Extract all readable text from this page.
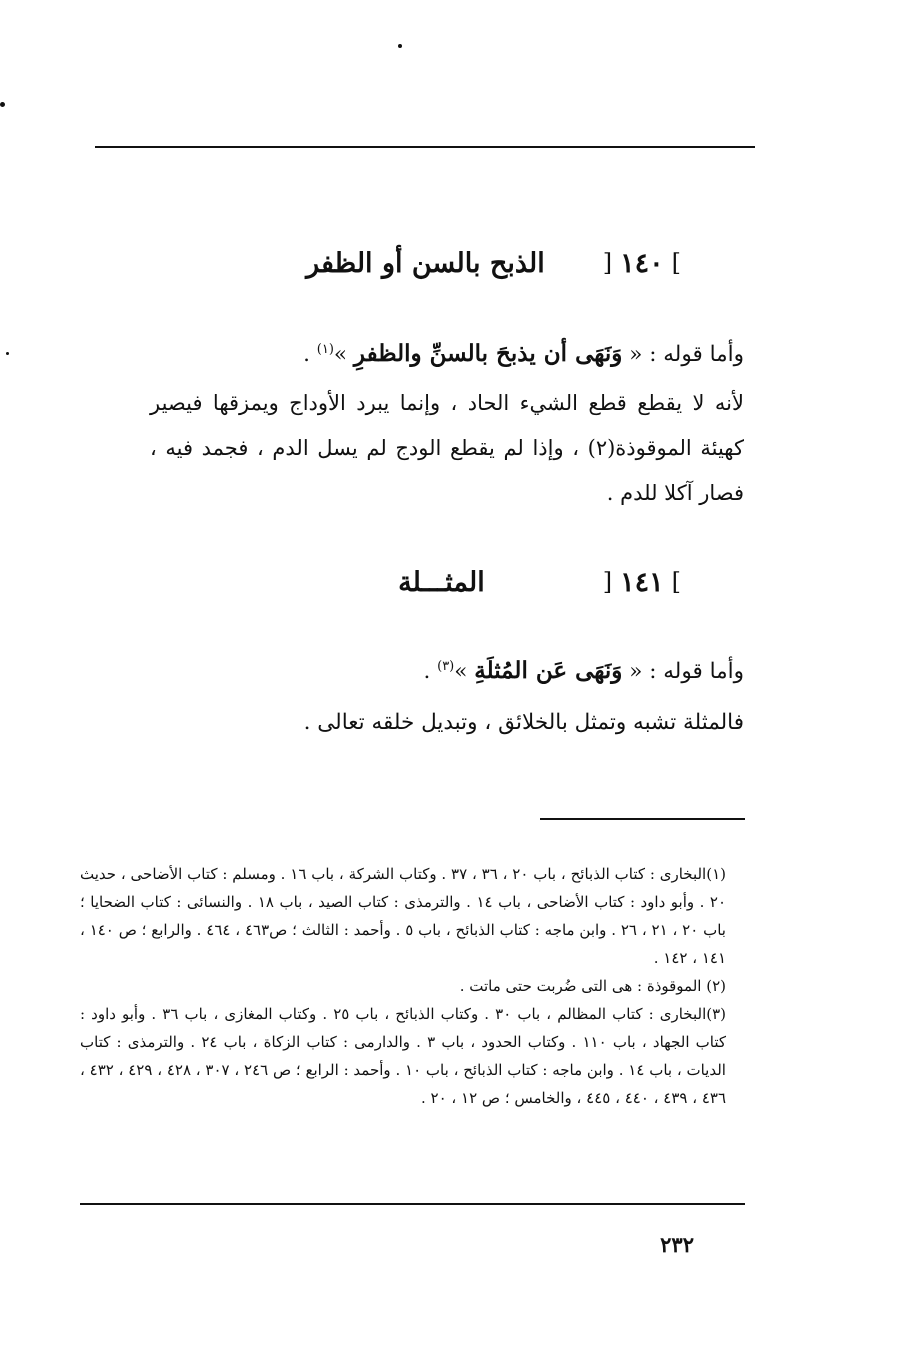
]
١٤٠
[
الذبح بالسن أو الظفر
وأما قوله : « وَنَهَى أن يذبحَ بالسنِّ والظفرِ »$^{(١)}$ .
لأنه لا يقطع قطع الشيء الحاد ، وإنما يبرد الأوداج ويمزقها فيصير كهيئة الموقوذة(٢) ، وإذا لم يقطع الودج لم يسل الدم ، فجمد فيه ، فصار آكلا للدم .
]
١٤١
[
المثـــلة
وأما قوله : « وَنَهَى عَن المُثلَةِ »$^{(٣)}$ .
فالمثلة تشبه وتمثل بالخلائق ، وتبديل خلقه تعالى .

(١)البخارى : كتاب الذبائح ، باب ٢٠ ، ٣٦ ، ٣٧ . وكتاب الشركة ، باب ١٦ . ومسلم : كتاب الأضاحى ، حديث ٢٠ . وأبو داود : كتاب الأضاحى ، باب ١٤ . والترمذى : كتاب الصيد ، باب ١٨ . والنسائى : كتاب الضحايا ؛ باب ٢٠ ، ٢١ ، ٢٦ . وابن ماجه : كتاب الذبائح ، باب ٥ . وأحمد : الثالث ؛ ص٤٦٣ ، ٤٦٤ . والرابع ؛ ص ١٤٠ ، ١٤١ ، ١٤٢ .

(٢) الموقوذة : هى التى ضُربت حتى ماتت .

(٣)البخارى : كتاب المظالم ، باب ٣٠ . وكتاب الذبائح ، باب ٢٥ . وكتاب المغازى ، باب ٣٦ . وأبو داود : كتاب الجهاد ، باب ١١٠ . وكتاب الحدود ، باب ٣ . والدارمى : كتاب الزكاة ، باب ٢٤ . والترمذى : كتاب الديات ، باب ١٤ . وابن ماجه : كتاب الذبائح ، باب ١٠ . وأحمد : الرابع ؛ ص ٢٤٦ ، ٣٠٧ ، ٤٢٨ ، ٤٢٩ ، ٤٣٢ ، ٤٣٦ ، ٤٣٩ ، ٤٤٠ ، ٤٤٥ ، والخامس ؛ ص ١٢ ، ٢٠ .

٢٣٢
